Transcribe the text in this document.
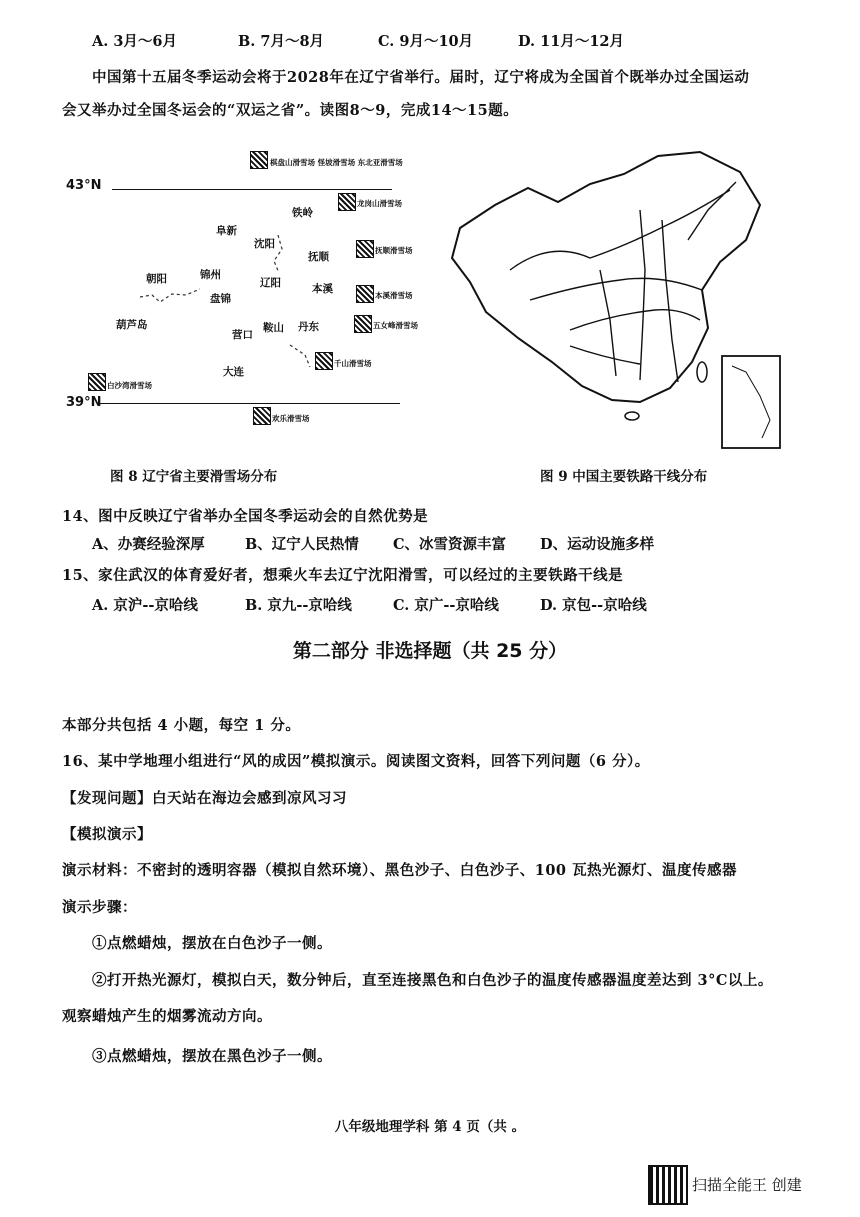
A. 3月～6月	B. 7月～8月	C. 9月～10月	D. 11月～12月
中国第十五届冬季运动会将于2028年在辽宁省举行。届时，辽宁将成为全国首个既举办过全国运动
会又举办过全国冬运会的“双运之省”。读图8～9，完成14～15题。
43°N
39°N
棋盘山滑雪场 怪坡滑雪场 东北亚滑雪场
龙岗山滑雪场
抚顺滑雪场
本溪滑雪场
五女峰滑雪场
千山滑雪场
白沙湾滑雪场
欢乐滑雪场
铁岭
阜新
沈阳
抚顺
朝阳	锦州
辽阳	本溪
盘锦
葫芦岛
营口
鞍山 丹东
大连
图 8 辽宁省主要滑雪场分布	图 9 中国主要铁路干线分布
14、图中反映辽宁省举办全国冬季运动会的自然优势是
A、办赛经验深厚	B、辽宁人民热情 C、冰雪资源丰富 D、运动设施多样
15、家住武汉的体育爱好者，想乘火车去辽宁沈阳滑雪，可以经过的主要铁路干线是
A. 京沪--京哈线	B. 京九--京哈线	C. 京广--京哈线	D. 京包--京哈线
第二部分 非选择题（共 25 分）
本部分共包括 4 小题，每空 1 分。
16、某中学地理小组进行“风的成因”模拟演示。阅读图文资料，回答下列问题（6 分）。
【发现问题】白天站在海边会感到凉风习习
【模拟演示】
演示材料：不密封的透明容器（模拟自然环境）、黑色沙子、白色沙子、100 瓦热光源灯、温度传感器
演示步骤：
①点燃蜡烛，摆放在白色沙子一侧。
②打开热光源灯，模拟白天，数分钟后，直至连接黑色和白色沙子的温度传感器温度差达到 3°C以上。
观察蜡烛产生的烟雾流动方向。
③点燃蜡烛，摆放在黑色沙子一侧。
八年级地理学科 第 4 页（共 。
扫描全能王 创建
